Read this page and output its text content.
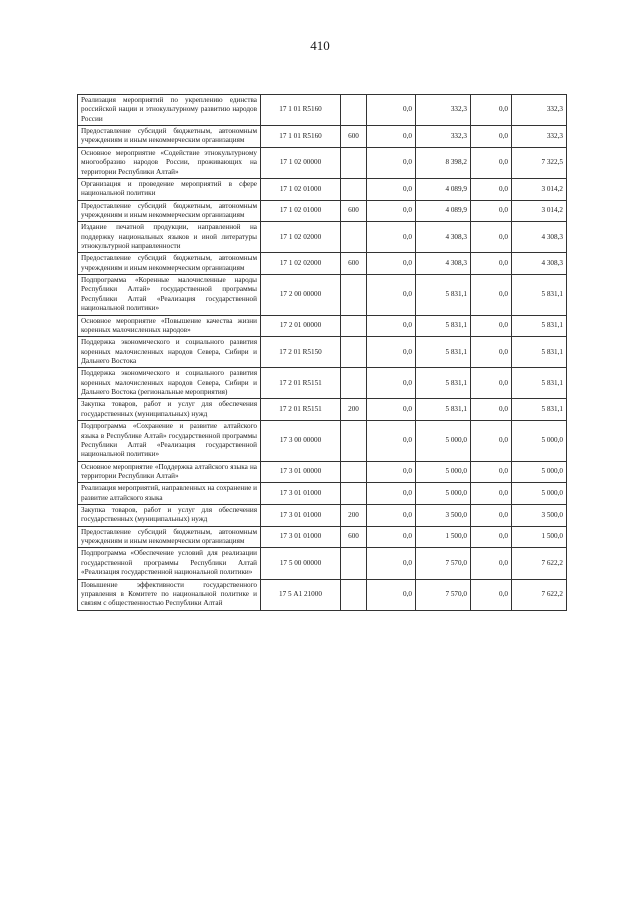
410
Реализация мероприятий по укреплению единства российской нации и этнокультурному развитию народов России	17 1 01 R5160		0,0	332,3	0,0	332,3
Предоставление субсидий бюджетным, автономным учреждениям и иным некоммерческим организациям	17 1 01 R5160	600	0,0	332,3	0,0	332,3
Основное мероприятие «Содействие этнокультурному многообразию народов России, проживающих на территории Республики Алтай»	17 1 02 00000		0,0	8 398,2	0,0	7 322,5
Организация и проведение мероприятий в сфере национальной политики	17 1 02 01000		0,0	4 089,9	0,0	3 014,2
Предоставление субсидий бюджетным, автономным учреждениям и иным некоммерческим организациям	17 1 02 01000	600	0,0	4 089,9	0,0	3 014,2
Издание печатной продукции, направленной на поддержку национальных языков и иной литературы этнокультурной направленности	17 1 02 02000		0,0	4 308,3	0,0	4 308,3
Предоставление субсидий бюджетным, автономным учреждениям и иным некоммерческим организациям	17 1 02 02000	600	0,0	4 308,3	0,0	4 308,3
Подпрограмма «Коренные малочисленные народы Республики Алтай» государственной программы Республики Алтай «Реализация государственной национальной политики»	17 2 00 00000		0,0	5 831,1	0,0	5 831,1
Основное мероприятие «Повышение качества жизни коренных малочисленных народов»	17 2 01 00000		0,0	5 831,1	0,0	5 831,1
Поддержка экономического и социального развития коренных малочисленных народов Севера, Сибири и Дальнего Востока	17 2 01 R5150		0,0	5 831,1	0,0	5 831,1
Поддержка экономического и социального развития коренных малочисленных народов Севера, Сибири и Дальнего Востока (региональные мероприятия)	17 2 01 R5151		0,0	5 831,1	0,0	5 831,1
Закупка товаров, работ и услуг для обеспечения государственных (муниципальных) нужд	17 2 01 R5151	200	0,0	5 831,1	0,0	5 831,1
Подпрограмма «Сохранение и развитие алтайского языка в Республике Алтай» государственной программы Республики Алтай «Реализация государственной национальной политики»	17 3 00 00000		0,0	5 000,0	0,0	5 000,0
Основное мероприятие «Поддержка алтайского языка на территории Республики Алтай»	17 3 01 00000		0,0	5 000,0	0,0	5 000,0
Реализация мероприятий, направленных на сохранение и развитие алтайского языка	17 3 01 01000		0,0	5 000,0	0,0	5 000,0
Закупка товаров, работ и услуг для обеспечения государственных (муниципальных) нужд	17 3 01 01000	200	0,0	3 500,0	0,0	3 500,0
Предоставление субсидий бюджетным, автономным учреждениям и иным некоммерческим организациям	17 3 01 01000	600	0,0	1 500,0	0,0	1 500,0
Подпрограмма «Обеспечение условий для реализации государственной программы Республики Алтай «Реализация государственной национальной политики»	17 5 00 00000		0,0	7 570,0	0,0	7 622,2
Повышение эффективности государственного управления в Комитете по национальной политике и связям с общественностью Республики Алтай	17 5 А1 21000		0,0	7 570,0	0,0	7 622,2
